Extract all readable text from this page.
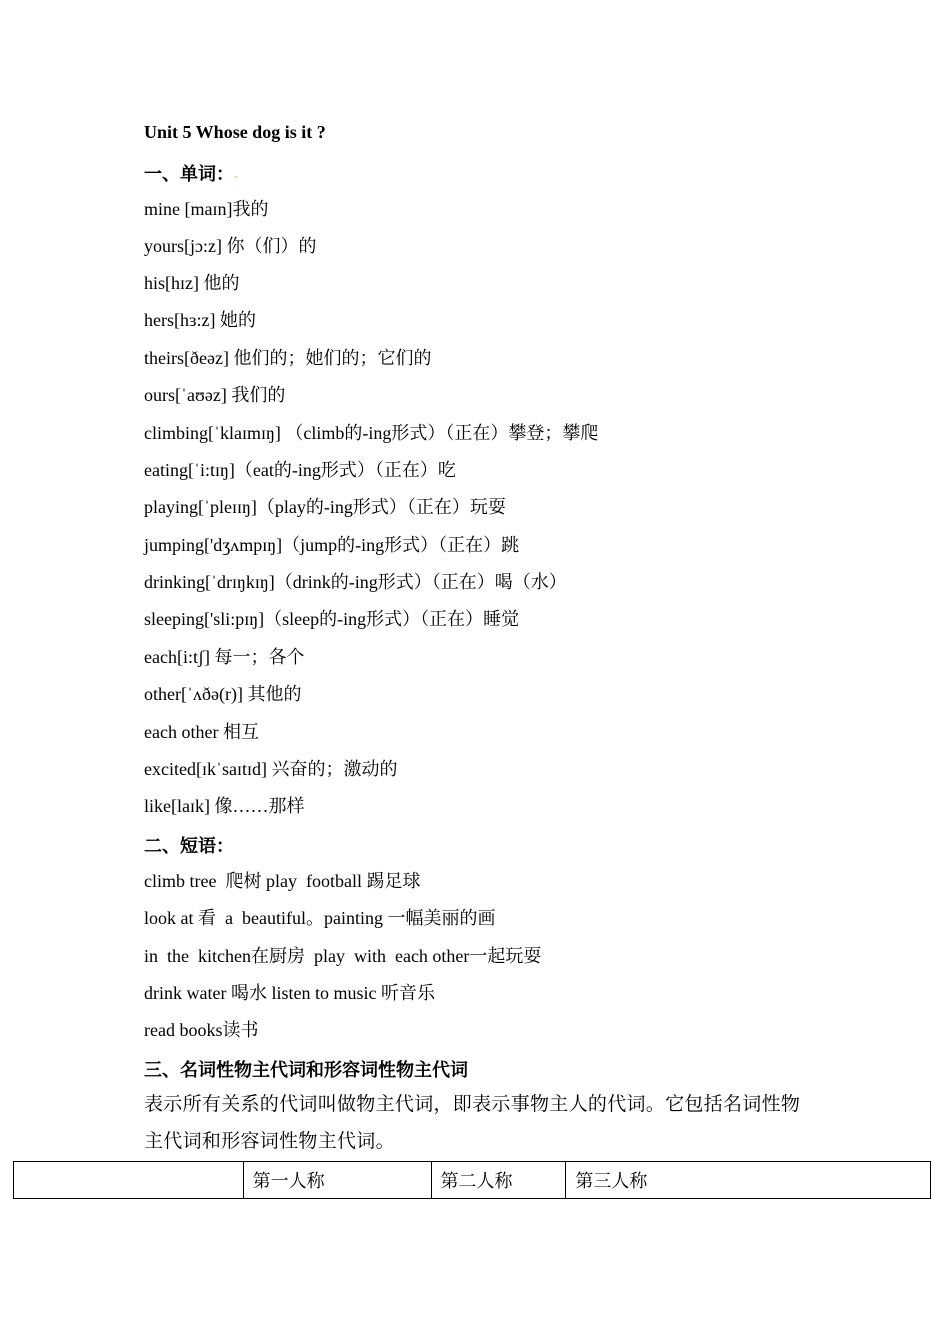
Unit 5 Whose dog is it ?
一、单词：-
mine [maɪn]我的
yours[jɔ:z] 你（们）的
his[hɪz] 他的
hers[hɜ:z] 她的
theirs[ðeəz] 他们的；她们的；它们的
ours[ˈaʊəz] 我们的
climbing[ˈklaɪmɪŋ] （climb的-ing形式）（正在）攀登；攀爬
eating[ˈi:tɪŋ]（eat的-ing形式）（正在）吃
playing[ˈpleɪɪŋ]（play的-ing形式）（正在）玩耍
jumping['dʒʌmpɪŋ]（jump的-ing形式）（正在）跳
drinking[ˈdrɪŋkɪŋ]（drink的-ing形式）（正在）喝（水）
sleeping['sli:pɪŋ]（sleep的-ing形式）（正在）睡觉
each[i:tʃ] 每一；各个
other[ˈʌðə(r)] 其他的
each other 相互
excited[ɪkˈsaɪtɪd] 兴奋的；激动的
like[laɪk] 像……那样
二、短语：
climb tree  爬树 play  football 踢足球
look at 看  a  beautiful。painting 一幅美丽的画
in  the  kitchen在厨房  play  with  each other一起玩耍
drink water 喝水 listen to music 听音乐
read books读书
三、名词性物主代词和形容词性物主代词
表示所有关系的代词叫做物主代词，即表示事物主人的代词。它包括名词性物主代词和形容词性物主代词。
	第一人称	第二人称	第三人称
